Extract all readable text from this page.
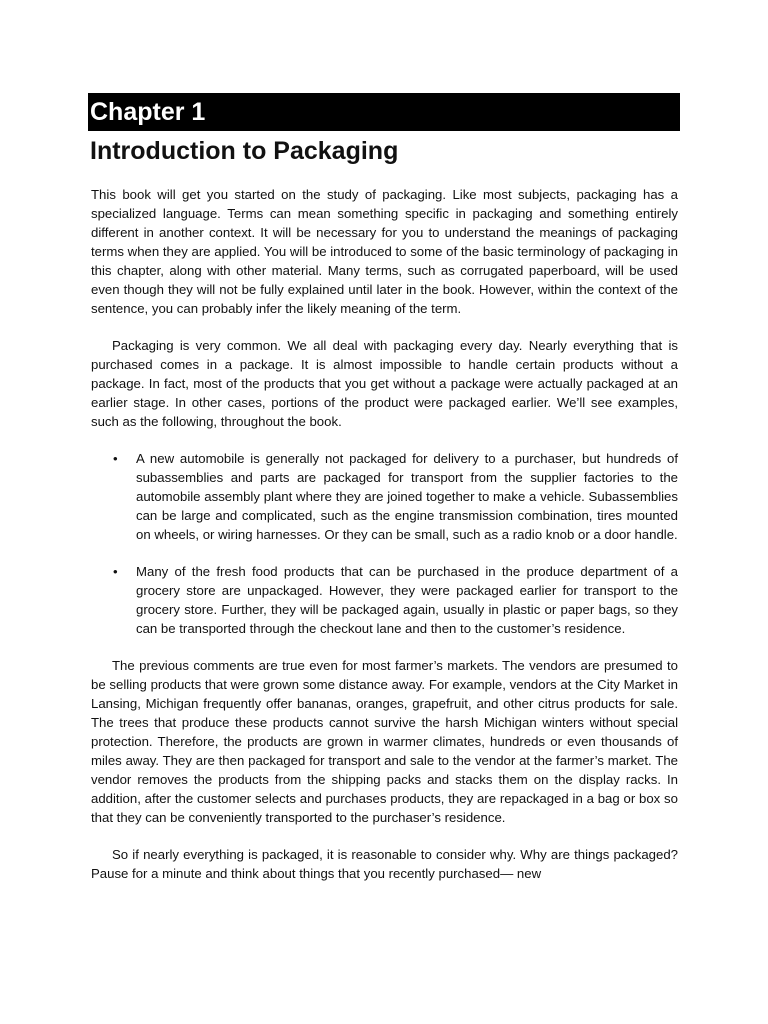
Chapter 1
Introduction to Packaging

This book will get you started on the study of packaging. Like most subjects, packaging has a specialized language. Terms can mean something specific in packaging and something entirely different in another context. It will be necessary for you to understand the meanings of packaging terms when they are applied. You will be introduced to some of the basic terminology of packaging in this chapter, along with other material. Many terms, such as corrugated paperboard, will be used even though they will not be fully explained until later in the book. However, within the context of the sentence, you can probably infer the likely meaning of the term.

Packaging is very common. We all deal with packaging every day. Nearly everything that is purchased comes in a package. It is almost impossible to handle certain products without a package. In fact, most of the products that you get without a package were actually packaged at an earlier stage. In other cases, portions of the product were packaged earlier. We’ll see examples, such as the following, throughout the book.

• A new automobile is generally not packaged for delivery to a purchaser, but hundreds of subassemblies and parts are packaged for transport from the supplier factories to the automobile assembly plant where they are joined together to make a vehicle. Subassemblies can be large and complicated, such as the engine transmission combination, tires mounted on wheels, or wiring harnesses. Or they can be small, such as a radio knob or a door handle.
• Many of the fresh food products that can be purchased in the produce department of a grocery store are unpackaged. However, they were packaged earlier for transport to the grocery store. Further, they will be packaged again, usually in plastic or paper bags, so they can be transported through the checkout lane and then to the customer’s residence.

The previous comments are true even for most farmer’s markets. The vendors are presumed to be selling products that were grown some distance away. For example, vendors at the City Market in Lansing, Michigan frequently offer bananas, oranges, grapefruit, and other citrus products for sale. The trees that produce these products cannot survive the harsh Michigan winters without special protection. Therefore, the products are grown in warmer climates, hundreds or even thousands of miles away. They are then packaged for transport and sale to the vendor at the farmer’s market. The vendor removes the products from the shipping packs and stacks them on the display racks. In addition, after the customer selects and purchases products, they are repackaged in a bag or box so that they can be conveniently transported to the purchaser’s residence.

So if nearly everything is packaged, it is reasonable to consider why. Why are things packaged? Pause for a minute and think about things that you recently purchased— new
